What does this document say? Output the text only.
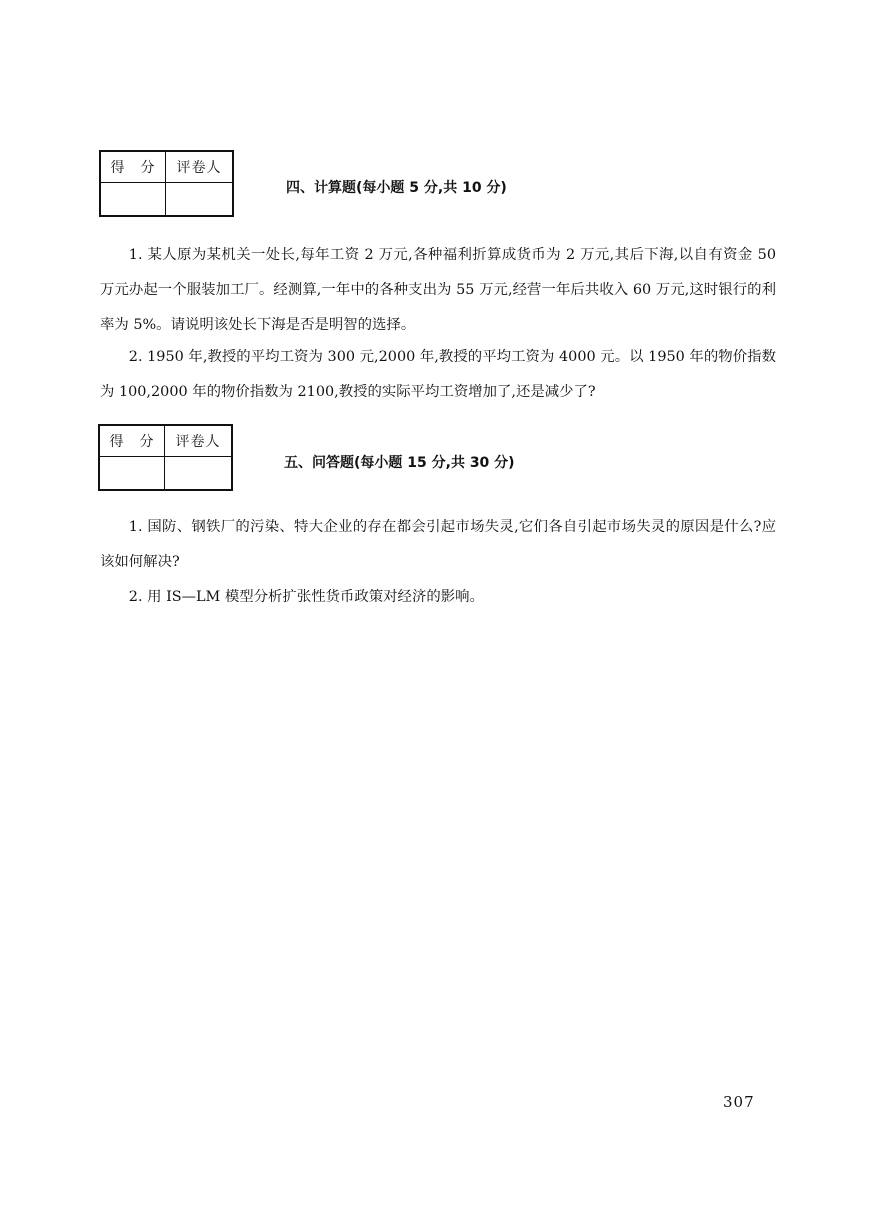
得　分	评卷人

四、计算题(每小题 5 分,共 10 分)
1. 某人原为某机关一处长,每年工资 2 万元,各种福利折算成货币为 2 万元,其后下海,以自有资金 50 万元办起一个服装加工厂。经测算,一年中的各种支出为 55 万元,经营一年后共收入 60 万元,这时银行的利率为 5%。请说明该处长下海是否是明智的选择。
2. 1950 年,教授的平均工资为 300 元,2000 年,教授的平均工资为 4000 元。以 1950 年的物价指数为 100,2000 年的物价指数为 2100,教授的实际平均工资增加了,还是减少了?
得　分	评卷人

五、问答题(每小题 15 分,共 30 分)
1. 国防、钢铁厂的污染、特大企业的存在都会引起市场失灵,它们各自引起市场失灵的原因是什么?应该如何解决?
2. 用 IS—LM 模型分析扩张性货币政策对经济的影响。
307
